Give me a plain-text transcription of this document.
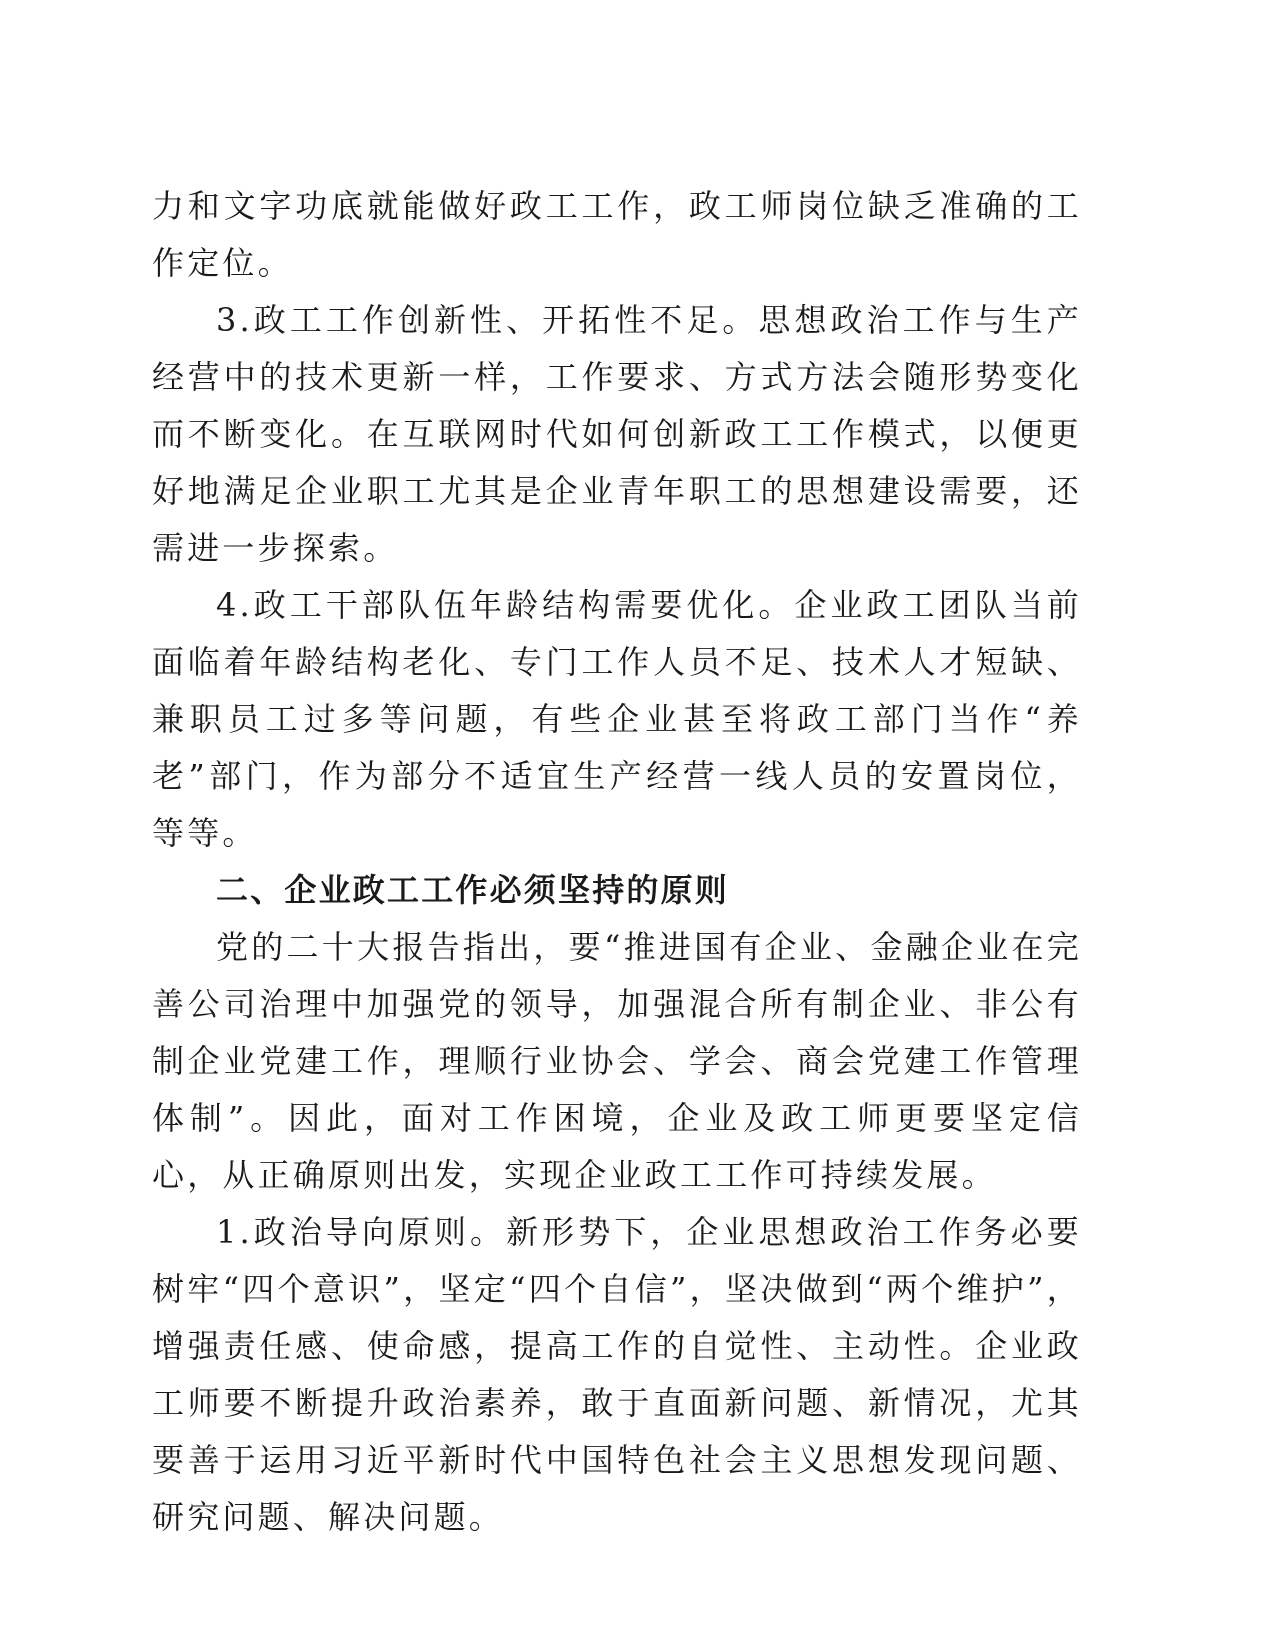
力和文字功底就能做好政工工作，政工师岗位缺乏准确的工作定位。

3.政工工作创新性、开拓性不足。思想政治工作与生产经营中的技术更新一样，工作要求、方式方法会随形势变化而不断变化。在互联网时代如何创新政工工作模式，以便更好地满足企业职工尤其是企业青年职工的思想建设需要，还需进一步探索。

4.政工干部队伍年龄结构需要优化。企业政工团队当前面临着年龄结构老化、专门工作人员不足、技术人才短缺、兼职员工过多等问题，有些企业甚至将政工部门当作“养老”部门，作为部分不适宜生产经营一线人员的安置岗位，等等。

二、企业政工工作必须坚持的原则

党的二十大报告指出，要“推进国有企业、金融企业在完善公司治理中加强党的领导，加强混合所有制企业、非公有制企业党建工作，理顺行业协会、学会、商会党建工作管理体制”。因此，面对工作困境，企业及政工师更要坚定信心，从正确原则出发，实现企业政工工作可持续发展。

1.政治导向原则。新形势下，企业思想政治工作务必要树牢“四个意识”，坚定“四个自信”，坚决做到“两个维护”，增强责任感、使命感，提高工作的自觉性、主动性。企业政工师要不断提升政治素养，敢于直面新问题、新情况，尤其要善于运用习近平新时代中国特色社会主义思想发现问题、研究问题、解决问题。
